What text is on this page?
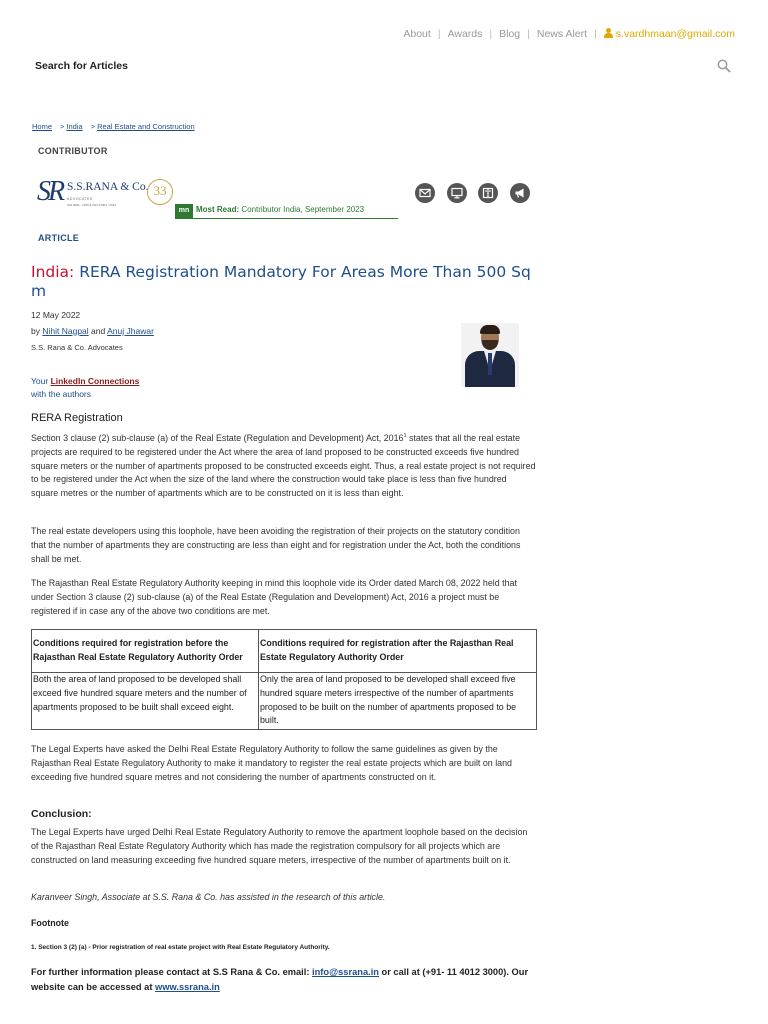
About | Awards | Blog | News Alert | s.vardhmaan@gmail.com
Search for Articles
Home > India > Real Estate and Construction
CONTRIBUTOR
SR S.S.RANA & Co.
ADVOCATES
ISO 9001 : 2015 & ISO 27001 : 2013
33
mn Most Read: Contributor India, September 2023
ARTICLE
India: RERA Registration Mandatory For Areas More Than 500 Sq m
12 May 2022
by Nihit Nagpal and Anuj Jhawar
S.S. Rana & Co. Advocates
Your LinkedIn Connections
with the authors
RERA Registration

Section 3 clause (2) sub-clause (a) of the Real Estate (Regulation and Development) Act, 2016$^1$ states that all the real estate projects are required to be registered under the Act where the area of land proposed to be constructed exceeds five hundred square meters or the number of apartments proposed to be constructed exceeds eight. Thus, a real estate project is not required to be registered under the Act when the size of the land where the construction would take place is less than five hundred square metres or the number of apartments which are to be constructed on it is less than eight.

The real estate developers using this loophole, have been avoiding the registration of their projects on the statutory condition that the number of apartments they are constructing are less than eight and for registration under the Act, both the conditions shall be met.

The Rajasthan Real Estate Regulatory Authority keeping in mind this loophole vide its Order dated March 08, 2022 held that under Section 3 clause (2) sub-clause (a) of the Real Estate (Regulation and Development) Act, 2016 a project must be registered if in case any of the above two conditions are met.

Conditions required for registration before the Rajasthan Real Estate Regulatory Authority Order	Conditions required for registration after the Rajasthan Real Estate Regulatory Authority Order
Both the area of land proposed to be developed shall exceed five hundred square meters and the number of apartments proposed to be built shall exceed eight.	Only the area of land proposed to be developed shall exceed five hundred square meters irrespective of the number of apartments proposed to be built on the number of apartments proposed to be built.

The Legal Experts have asked the Delhi Real Estate Regulatory Authority to follow the same guidelines as given by the Rajasthan Real Estate Regulatory Authority to make it mandatory to register the real estate projects which are built on land exceeding five hundred square metres and not considering the number of apartments constructed on it.

Conclusion:

The Legal Experts have urged Delhi Real Estate Regulatory Authority to remove the apartment loophole based on the decision of the Rajasthan Real Estate Regulatory Authority which has made the registration compulsory for all projects which are constructed on land measuring exceeding five hundred square meters, irrespective of the number of apartments built on it.

Karanveer Singh, Associate at S.S. Rana & Co. has assisted in the research of this article.
Footnote
1. Section 3 (2) (a) - Prior registration of real estate project with Real Estate Regulatory Authority.

For further information please contact at S.S Rana & Co. email: info@ssrana.in or call at (+91- 11 4012 3000). Our website can be accessed at www.ssrana.in
